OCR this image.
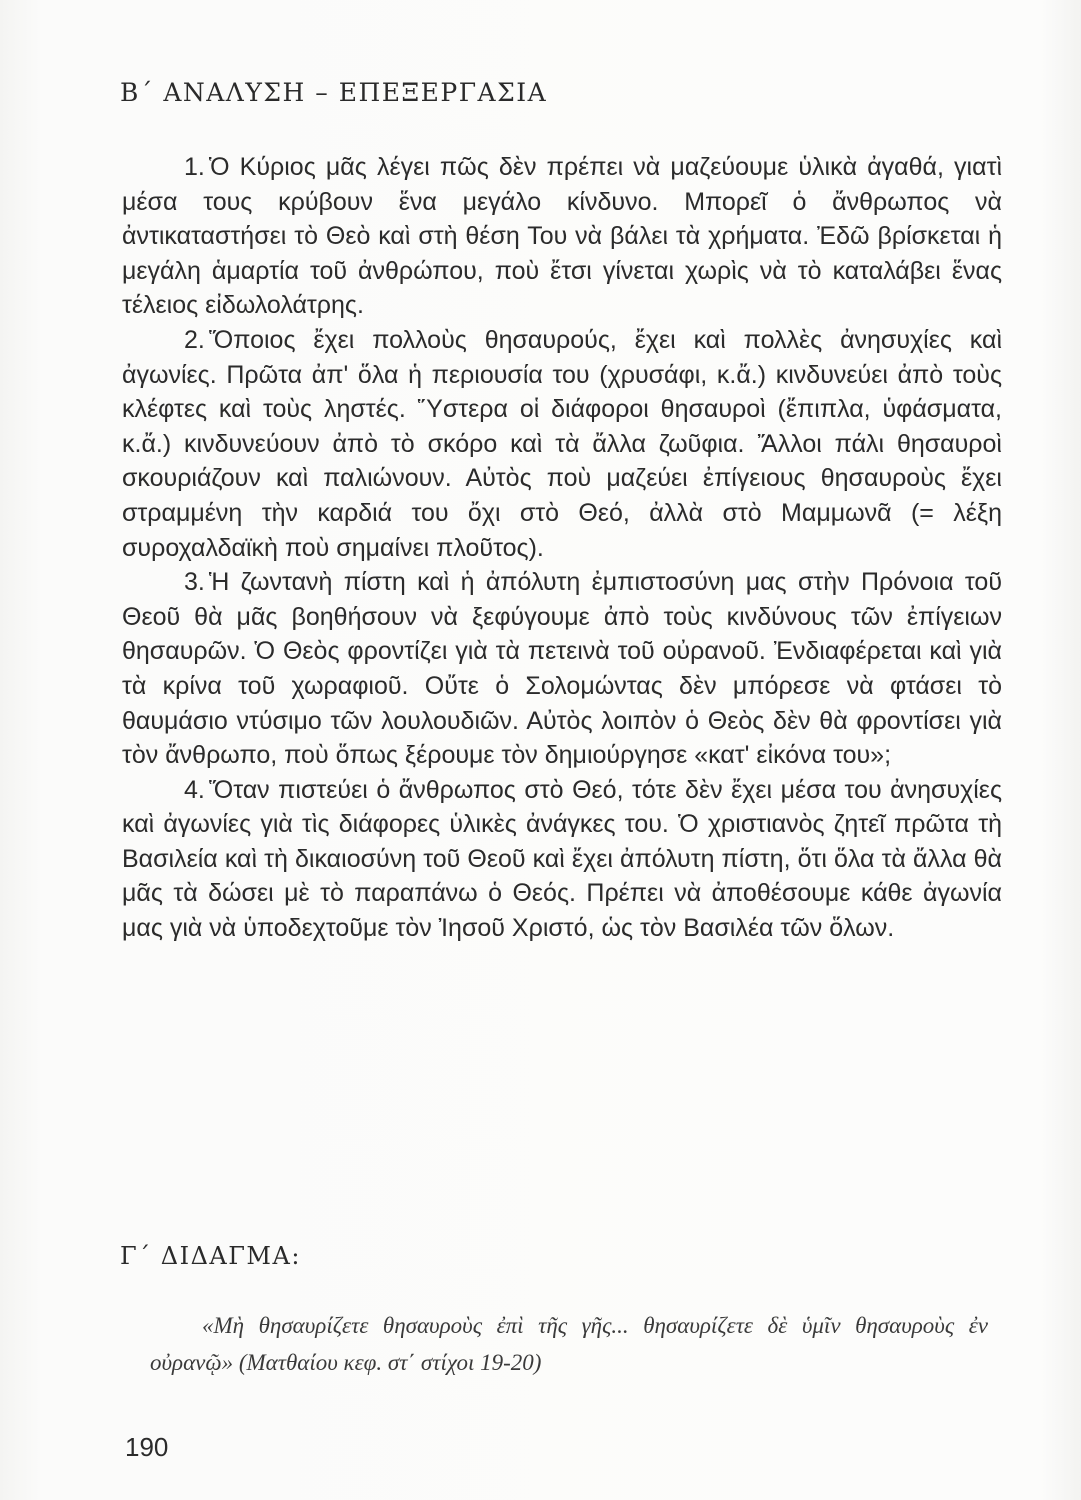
Β΄ ΑΝΑΛΥΣΗ – ΕΠΕΞΕΡΓΑΣΙΑ

1. Ὁ Κύριος μᾶς λέγει πῶς δὲν πρέπει νὰ μαζεύουμε ὑλικὰ ἀγαθά, γιατὶ μέσα τους κρύβουν ἕνα μεγάλο κίνδυνο. Μπορεῖ ὁ ἄνθρωπος νὰ ἀντικαταστήσει τὸ Θεὸ καὶ στὴ θέση Του νὰ βάλει τὰ χρήματα. Ἐδῶ βρίσκεται ἡ μεγάλη ἁμαρτία τοῦ ἀνθρώπου, ποὺ ἔτσι γίνεται χωρὶς νὰ τὸ καταλάβει ἕνας τέλειος εἰδωλολάτρης.

2. Ὅποιος ἔχει πολλοὺς θησαυρούς, ἔχει καὶ πολλὲς ἀνησυχίες καὶ ἀγωνίες. Πρῶτα ἀπ' ὅλα ἡ περιουσία του (χρυσάφι, κ.ἄ.) κινδυνεύει ἀπὸ τοὺς κλέφτες καὶ τοὺς ληστές. Ὕστερα οἱ διάφοροι θησαυροὶ (ἔπιπλα, ὑφάσματα, κ.ἄ.) κινδυνεύουν ἀπὸ τὸ σκόρο καὶ τὰ ἄλλα ζωῦφια. Ἄλλοι πάλι θησαυροὶ σκουριάζουν καὶ παλιώνουν. Αὐτὸς ποὺ μαζεύει ἐπίγειους θησαυροὺς ἔχει στραμμένη τὴν καρδιά του ὄχι στὸ Θεό, ἀλλὰ στὸ Μαμμωνᾶ (= λέξη συροχαλδαϊκὴ ποὺ σημαίνει πλοῦτος).

3. Ἡ ζωντανὴ πίστη καὶ ἡ ἀπόλυτη ἐμπιστοσύνη μας στὴν Πρόνοια τοῦ Θεοῦ θὰ μᾶς βοηθήσουν νὰ ξεφύγουμε ἀπὸ τοὺς κινδύνους τῶν ἐπίγειων θησαυρῶν. Ὁ Θεὸς φροντίζει γιὰ τὰ πετεινὰ τοῦ οὐρανοῦ. Ἐνδιαφέρεται καὶ γιὰ τὰ κρίνα τοῦ χωραφιοῦ. Οὔτε ὁ Σολομώντας δὲν μπόρεσε νὰ φτάσει τὸ θαυμάσιο ντύσιμο τῶν λουλουδιῶν. Αὐτὸς λοιπὸν ὁ Θεὸς δὲν θὰ φροντίσει γιὰ τὸν ἄνθρωπο, ποὺ ὅπως ξέρουμε τὸν δημιούργησε «κατ' εἰκόνα του»;

4. Ὅταν πιστεύει ὁ ἄνθρωπος στὸ Θεό, τότε δὲν ἔχει μέσα του ἀνησυχίες καὶ ἀγωνίες γιὰ τὶς διάφορες ὑλικὲς ἀνάγκες του. Ὁ χριστιανὸς ζητεῖ πρῶτα τὴ Βασιλεία καὶ τὴ δικαιοσύνη τοῦ Θεοῦ καὶ ἔχει ἀπόλυτη πίστη, ὅτι ὅλα τὰ ἄλλα θὰ μᾶς τὰ δώσει μὲ τὸ παραπάνω ὁ Θεός. Πρέπει νὰ ἀποθέσουμε κάθε ἀγωνία μας γιὰ νὰ ὑποδεχτοῦμε τὸν Ἰησοῦ Χριστό, ὡς τὸν Βασιλέα τῶν ὅλων.

Γ΄ ΔΙΔΑΓΜΑ:

«Μὴ θησαυρίζετε θησαυροὺς ἐπὶ τῆς γῆς... θησαυρίζετε δὲ ὑμῖν θησαυροὺς ἐν οὐρανῷ» (Ματθαίου κεφ. στ΄ στίχοι 19-20)

190
